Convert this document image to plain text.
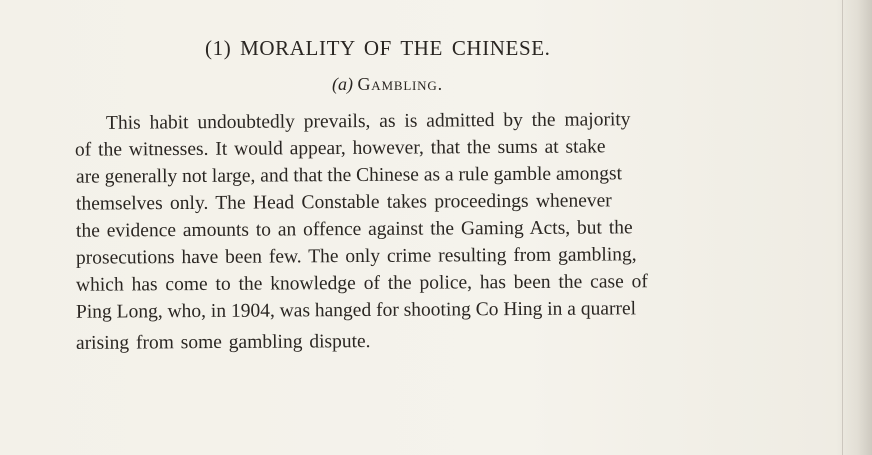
(1) MORALITY OF THE CHINESE.
(a) Gambling.
This habit undoubtedly prevails, as is admitted by the majority
of the witnesses. It would appear, however, that the sums at stake
are generally not large, and that the Chinese as a rule gamble amongst
themselves only. The Head Constable takes proceedings whenever
the evidence amounts to an offence against the Gaming Acts, but the
prosecutions have been few. The only crime resulting from gambling,
which has come to the knowledge of the police, has been the case of
Ping Long, who, in 1904, was hanged for shooting Co Hing in a quarrel
arising from some gambling dispute.
